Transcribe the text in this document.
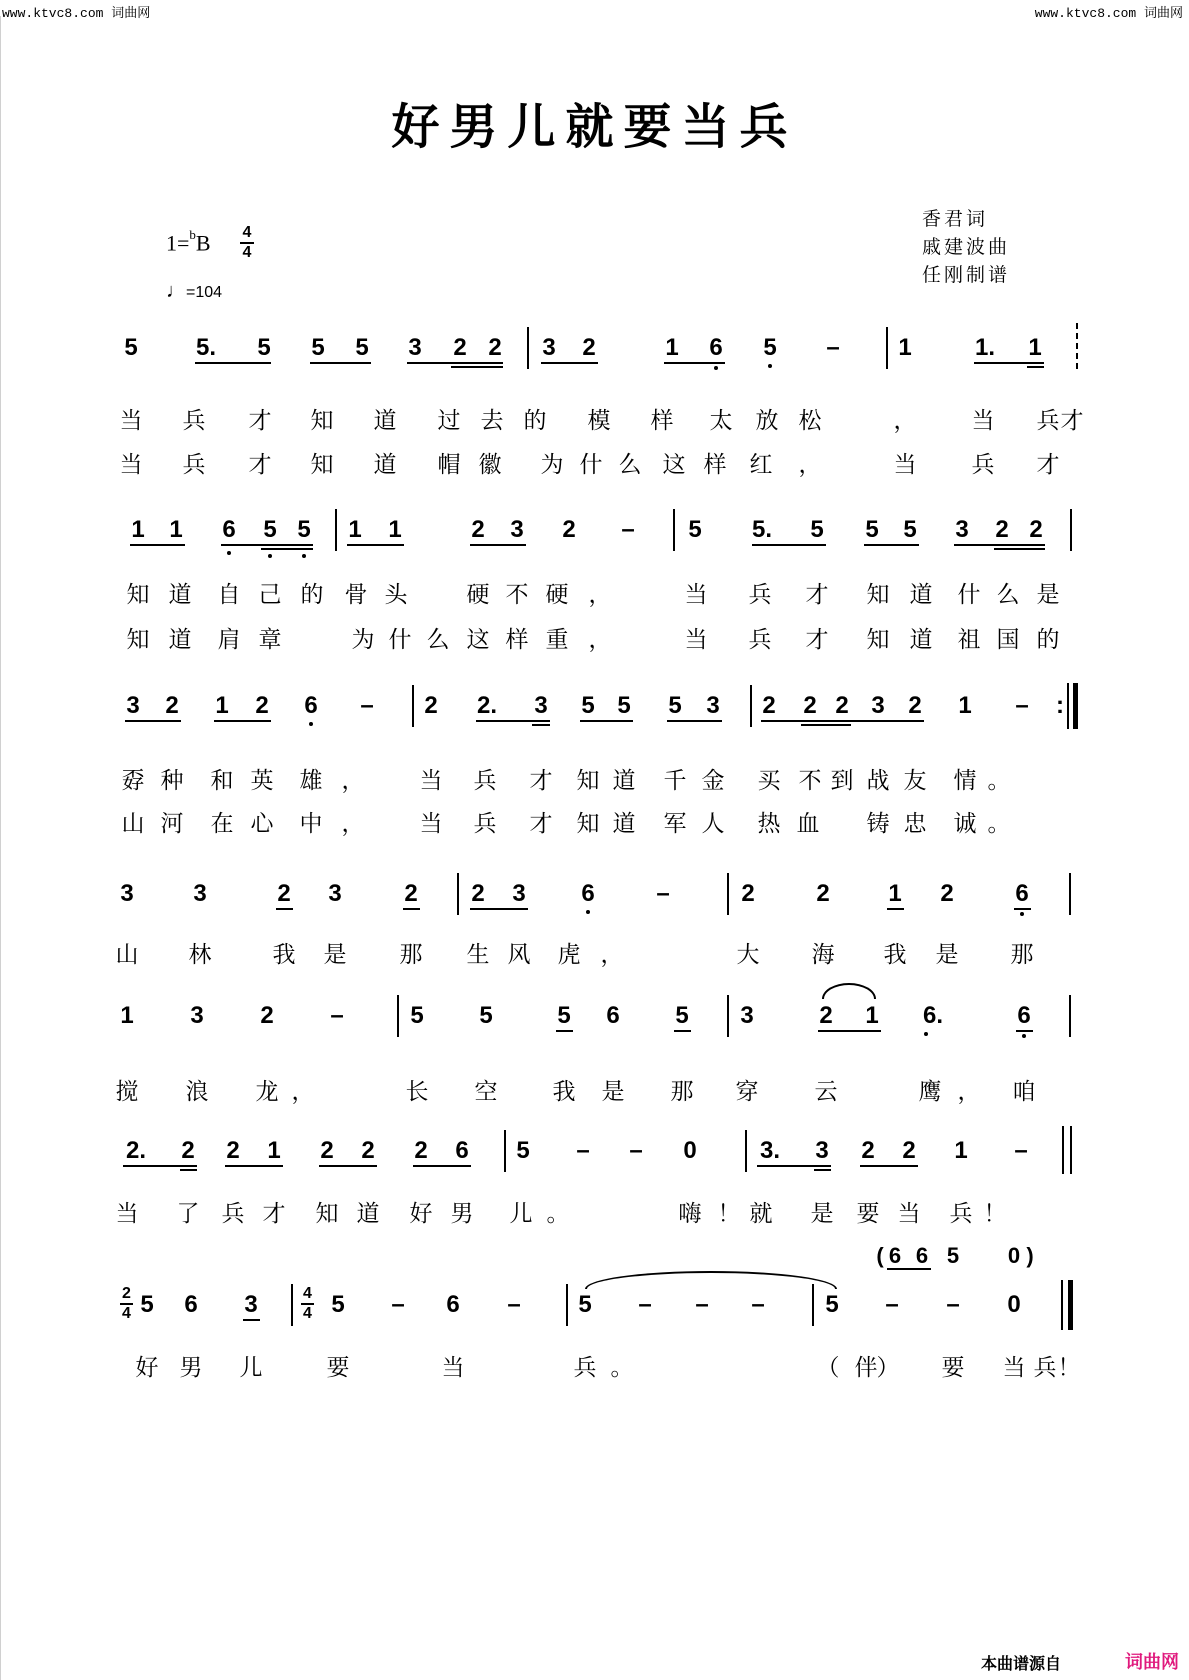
www.ktvc8.com 词曲网	www.ktvc8.com 词曲网
好男儿就要当兵
香君词
戚建波曲
任刚制谱
1=$^b$B 4
4
♩=104
5 5. 5 5 5 3 2 2 3 2	1 6 5 – 1	1. 1
当 兵 才 知 道 过 去 的 模 样 太 放 松	， 当 兵 才
当 兵 才 知 道 帽 徽 为 什 么 这 样 红 ，	当 兵 才
知 道 自 己 的 骨 头	硬 不 硬 ，	当 兵 才 知 道 什 么 是
知 道 肩 章	为 什 么 这 样 重 ，	当 兵 才 知 道 祖 国 的
孬 种 和 英 雄 ， 当 兵 才 知 道 千 金 买 不 到 战 友 情 。
山 河 在 心 中 ， 当 兵 才 知 道 军 人 热 血 铸 忠 诚 。
山 林	我 是 那 生 风 虎 ，	大 海 我 是 那
搅 浪 龙 ，	长 空 我 是 那 穿 云	鹰 ， 咱
当 了 兵 才 知 道 好 男 儿 。	嗨 ！ 就 是 要 当 兵 ！
好 男 儿	要	当	兵 。	（ 伴 ） 要 当 兵 ！
1 1 6 5 5 1 1	2 3 2 – 5 5. 5 5 5 3 2 2
3 2 1 2 6 – 2 2. 3 5 5 5 3 2 2 2 3 2 1 – :
3 3	2 3	2 2 3 6	–	2	2 1 2	6
1 3 2 –	5 5	5 6 5 3	2 1 6.	6
2. 2 2 1 2 2 2 6 5 – – 0	3. 3 2 2 1 –
( 6 6 5 0 )
2
4 5 6 3	4
4 5 – 6 – 5 – – –	5 – – 0
本曲谱源自	词曲网
